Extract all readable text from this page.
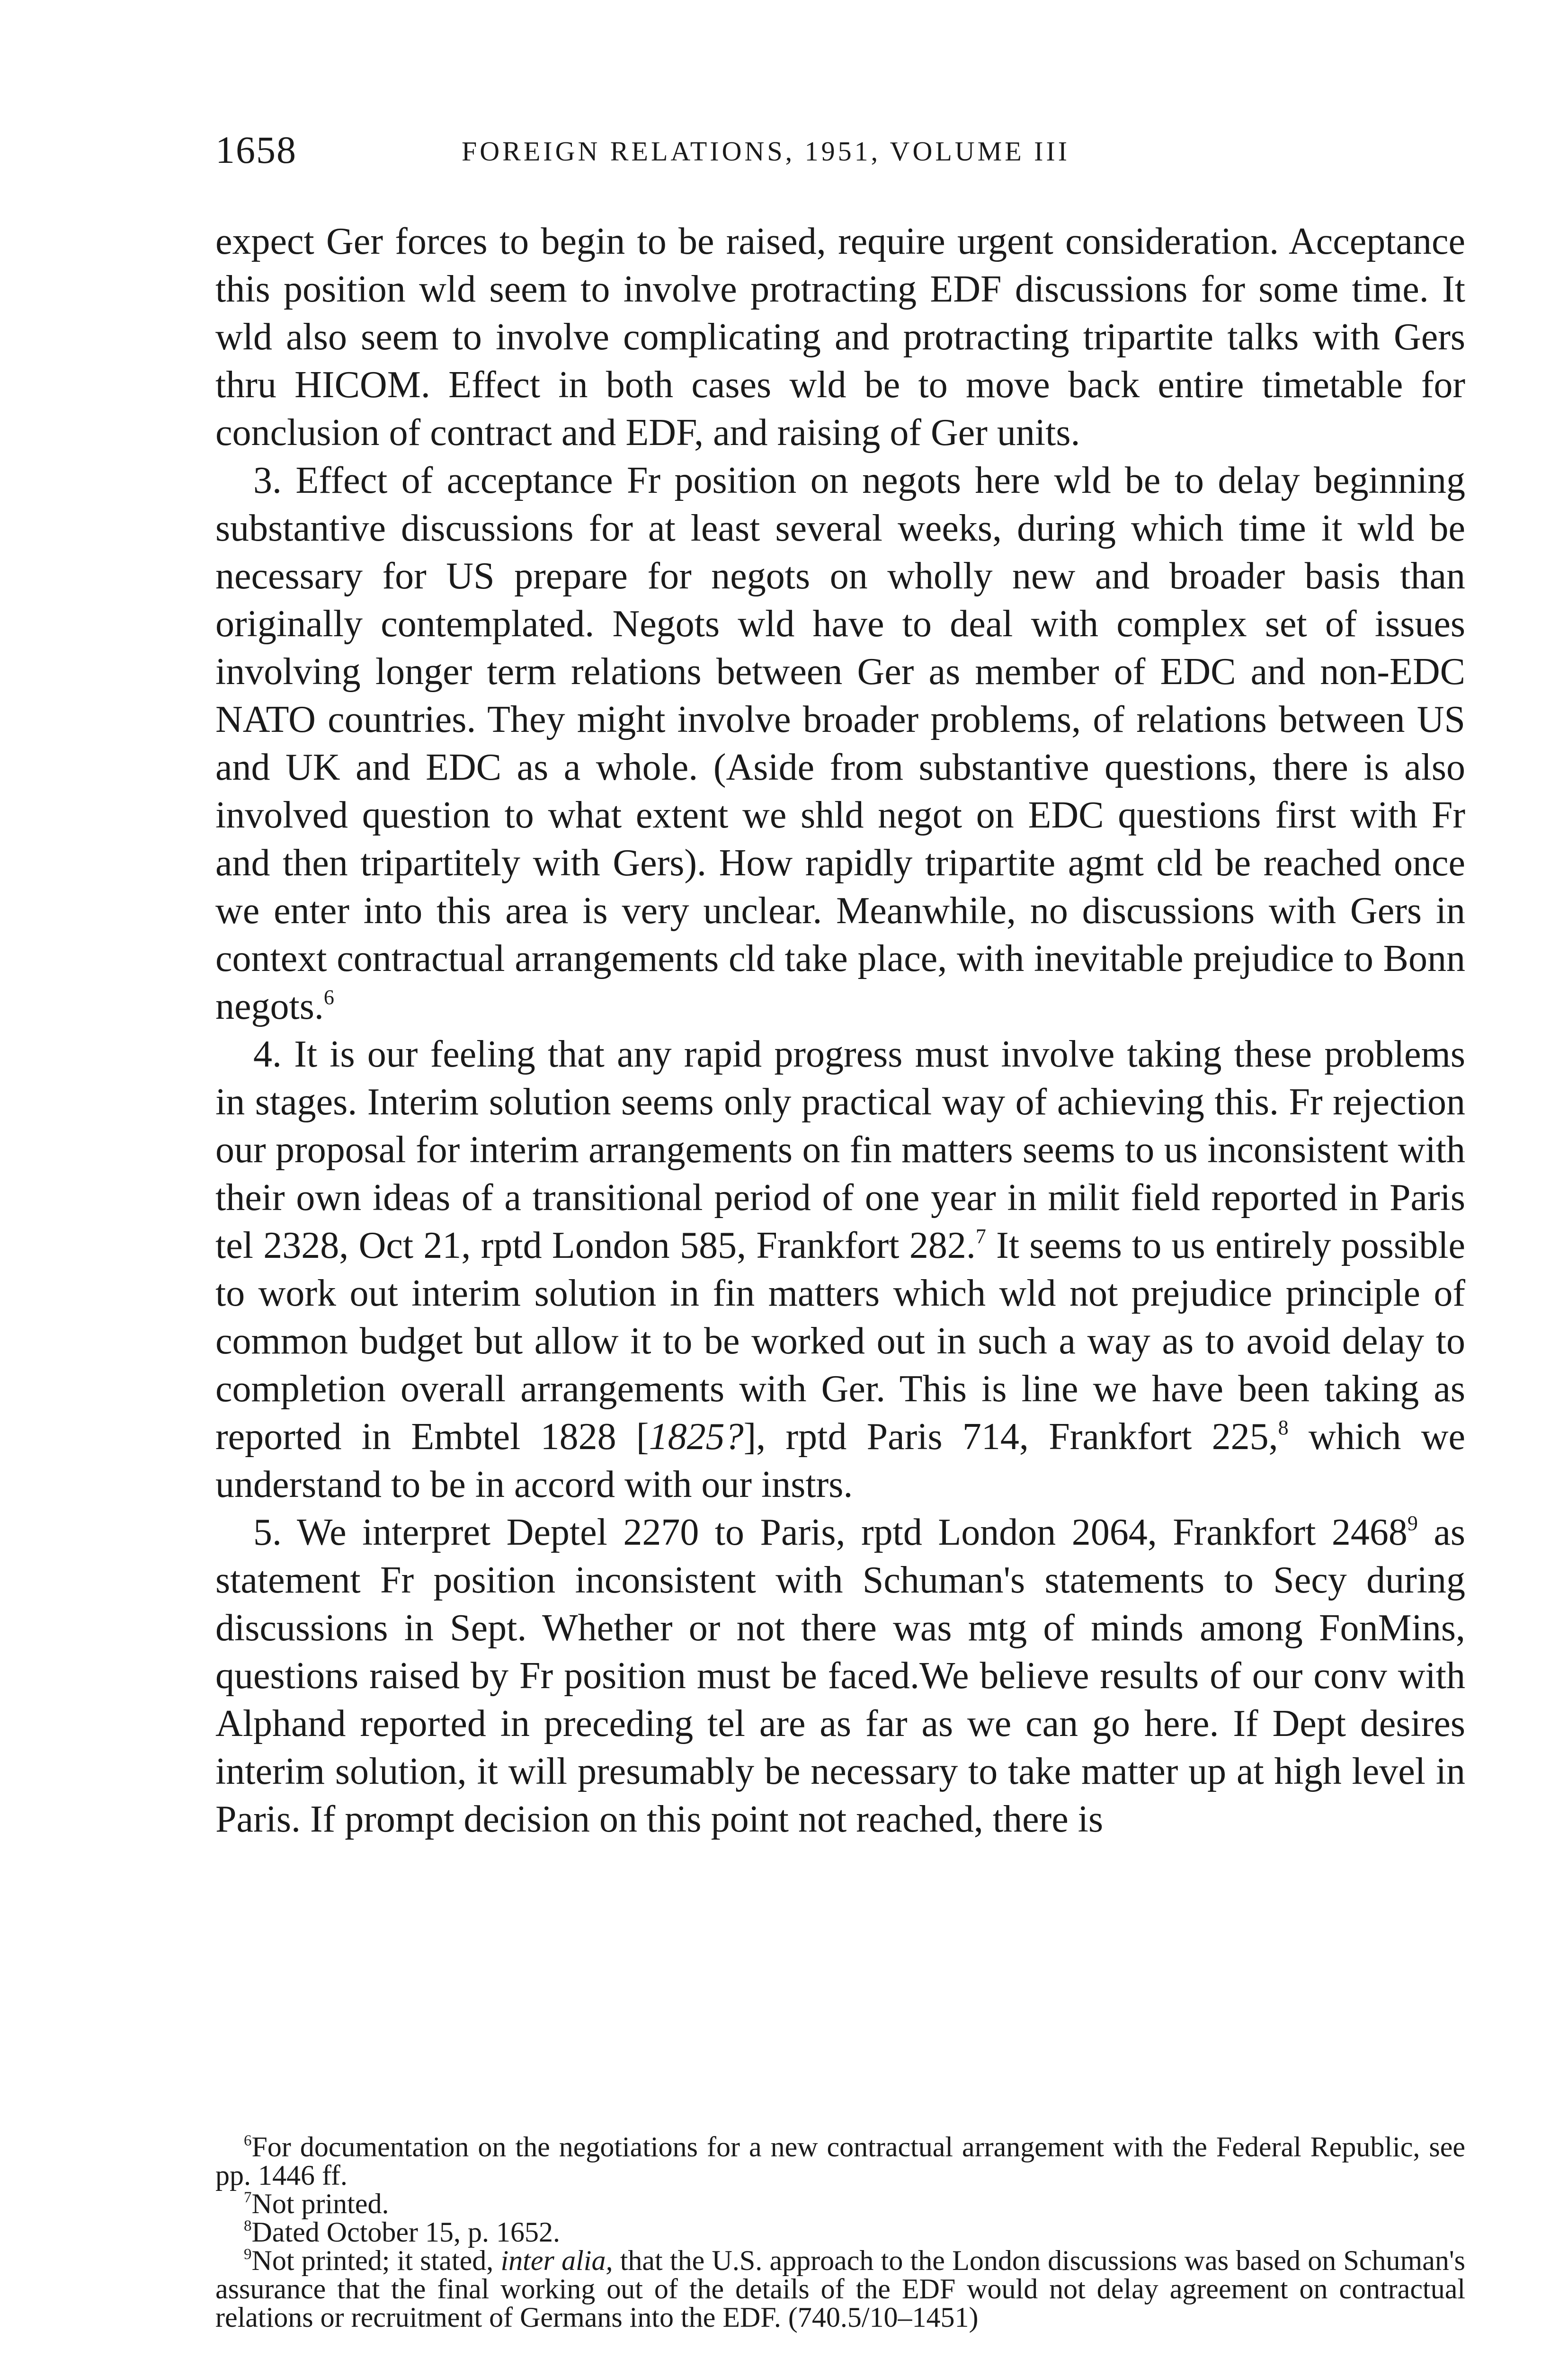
1658	FOREIGN RELATIONS, 1951, VOLUME III

expect Ger forces to begin to be raised, require urgent consideration. Acceptance this position wld seem to involve protracting EDF discussions for some time. It wld also seem to involve complicating and protracting tripartite talks with Gers thru HICOM. Effect in both cases wld be to move back entire timetable for conclusion of contract and EDF, and raising of Ger units.

3. Effect of acceptance Fr position on negots here wld be to delay beginning substantive discussions for at least several weeks, during which time it wld be necessary for US prepare for negots on wholly new and broader basis than originally contemplated. Negots wld have to deal with complex set of issues involving longer term relations between Ger as member of EDC and non-EDC NATO countries. They might involve broader problems, of relations between US and UK and EDC as a whole. (Aside from substantive questions, there is also involved question to what extent we shld negot on EDC questions first with Fr and then tripartitely with Gers). How rapidly tripartite agmt cld be reached once we enter into this area is very unclear. Meanwhile, no discussions with Gers in context contractual arrangements cld take place, with inevitable prejudice to Bonn negots.$^6$

4. It is our feeling that any rapid progress must involve taking these problems in stages. Interim solution seems only practical way of achieving this. Fr rejection our proposal for interim arrangements on fin matters seems to us inconsistent with their own ideas of a transitional period of one year in milit field reported in Paris tel 2328, Oct 21, rptd London 585, Frankfort 282.$^7$ It seems to us entirely possible to work out interim solution in fin matters which wld not prejudice principle of common budget but allow it to be worked out in such a way as to avoid delay to completion overall arrangements with Ger. This is line we have been taking as reported in Embtel 1828 [1825?], rptd Paris 714, Frankfort 225,$^8$ which we understand to be in accord with our instrs.

5. We interpret Deptel 2270 to Paris, rptd London 2064, Frankfort 2468$^9$ as statement Fr position inconsistent with Schuman's statements to Secy during discussions in Sept. Whether or not there was mtg of minds among FonMins, questions raised by Fr position must be faced.We believe results of our conv with Alphand reported in preceding tel are as far as we can go here. If Dept desires interim solution, it will presumably be necessary to take matter up at high level in Paris. If prompt decision on this point not reached, there is

$^6$For documentation on the negotiations for a new contractual arrangement with the Federal Republic, see pp. 1446 ff.

$^7$Not printed.

$^8$Dated October 15, p. 1652.

$^9$Not printed; it stated, inter alia, that the U.S. approach to the London discussions was based on Schuman's assurance that the final working out of the details of the EDF would not delay agreement on contractual relations or recruitment of Germans into the EDF. (740.5/10–1451)
